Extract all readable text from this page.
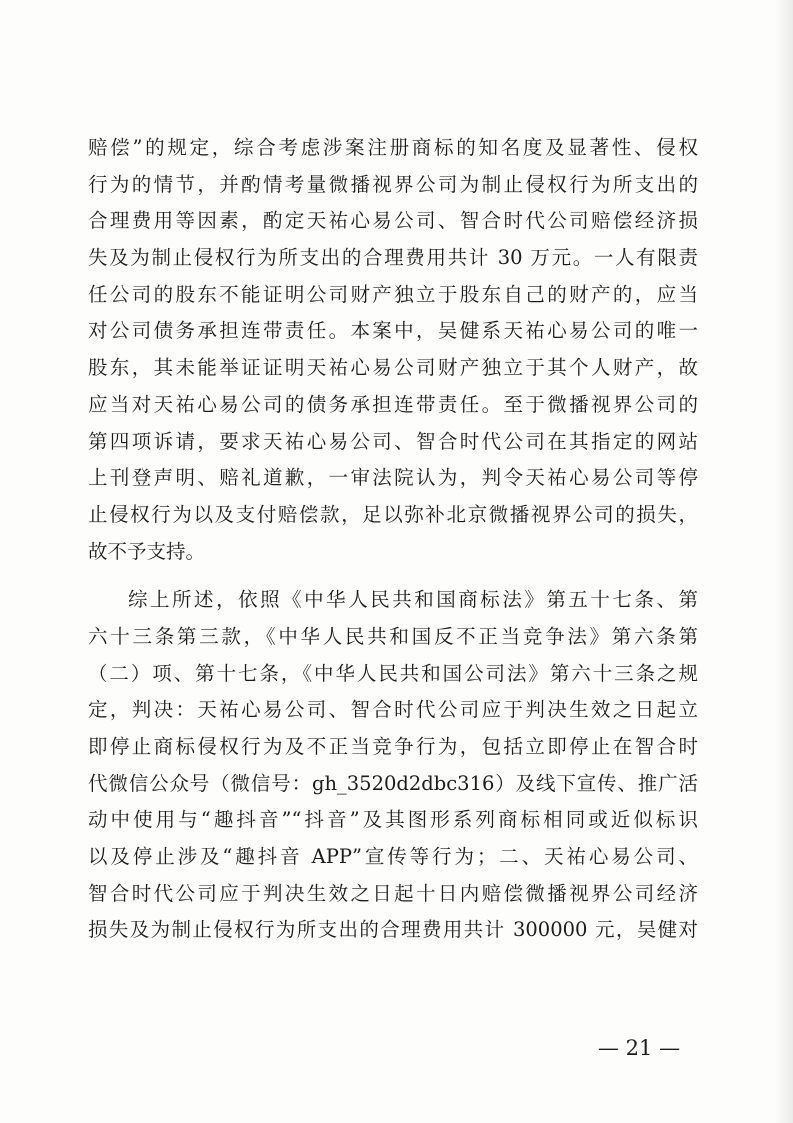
赔偿”的规定，综合考虑涉案注册商标的知名度及显著性、侵权
行为的情节，并酌情考量微播视界公司为制止侵权行为所支出的
合理费用等因素，酌定天祐心易公司、智合时代公司赔偿经济损
失及为制止侵权行为所支出的合理费用共计 30 万元。一人有限责
任公司的股东不能证明公司财产独立于股东自己的财产的，应当
对公司债务承担连带责任。本案中，吴健系天祐心易公司的唯一
股东，其未能举证证明天祐心易公司财产独立于其个人财产，故
应当对天祐心易公司的债务承担连带责任。至于微播视界公司的
第四项诉请，要求天祐心易公司、智合时代公司在其指定的网站
上刊登声明、赔礼道歉，一审法院认为，判令天祐心易公司等停
止侵权行为以及支付赔偿款，足以弥补北京微播视界公司的损失，
故不予支持。
综上所述，依照《中华人民共和国商标法》第五十七条、第
六十三条第三款，《中华人民共和国反不正当竞争法》第六条第
（二）项、第十七条，《中华人民共和国公司法》第六十三条之规
定，判决：天祐心易公司、智合时代公司应于判决生效之日起立
即停止商标侵权行为及不正当竞争行为，包括立即停止在智合时
代微信公众号（微信号：gh_3520d2dbc316）及线下宣传、推广活
动中使用与“趣抖音”“抖音”及其图形系列商标相同或近似标识
以及停止涉及“趣抖音 APP”宣传等行为；二、天祐心易公司、
智合时代公司应于判决生效之日起十日内赔偿微播视界公司经济
损失及为制止侵权行为所支出的合理费用共计 300000 元，吴健对
— 21 —
